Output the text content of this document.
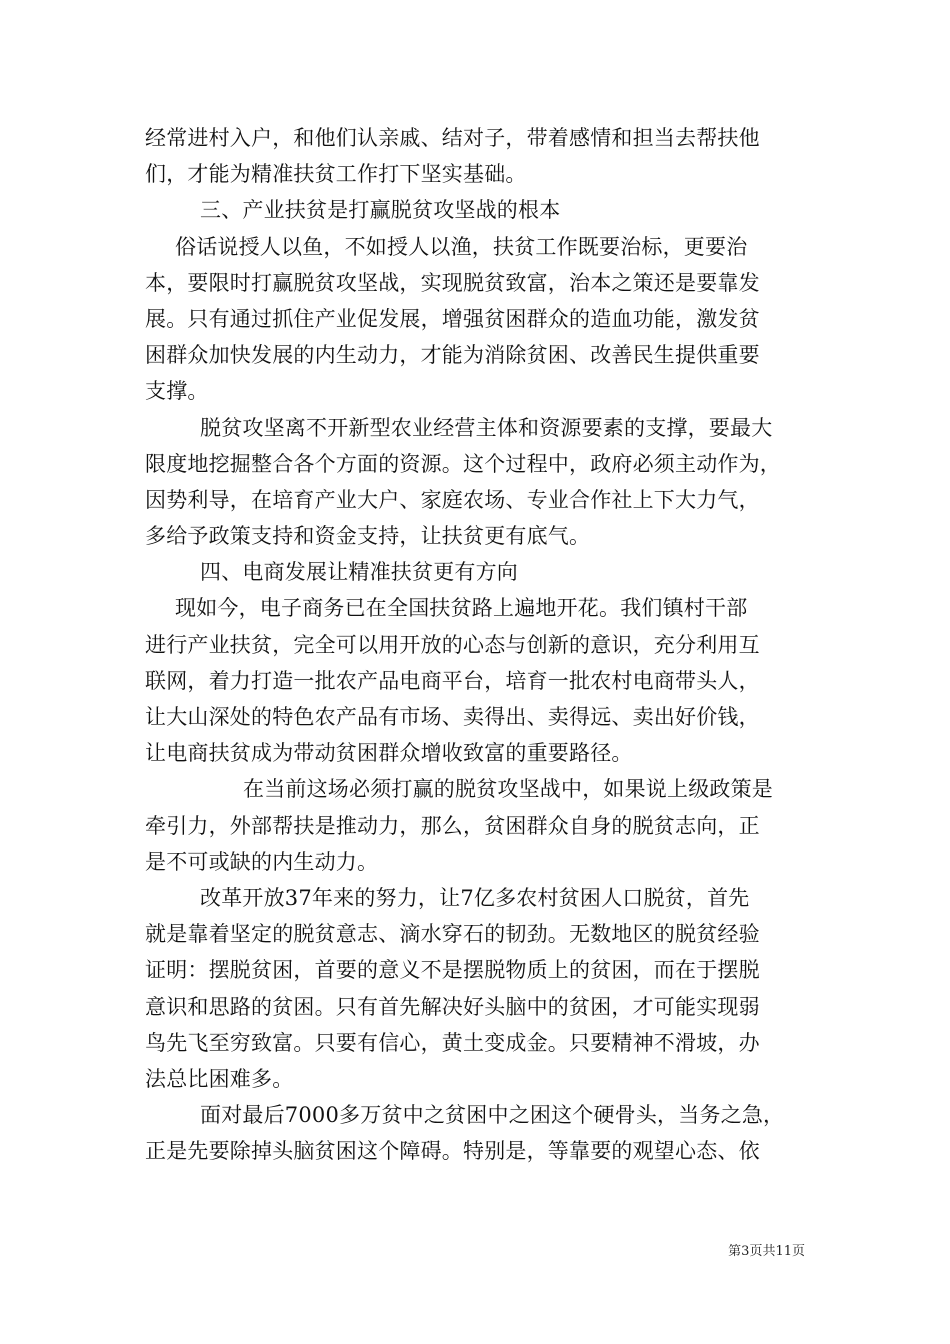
经常进村入户，和他们认亲戚、结对子，带着感情和担当去帮扶他
们，才能为精准扶贫工作打下坚实基础。
三、产业扶贫是打赢脱贫攻坚战的根本
俗话说授人以鱼，不如授人以渔，扶贫工作既要治标，更要治
本，要限时打赢脱贫攻坚战，实现脱贫致富，治本之策还是要靠发
展。只有通过抓住产业促发展，增强贫困群众的造血功能，激发贫
困群众加快发展的内生动力，才能为消除贫困、改善民生提供重要
支撑。
脱贫攻坚离不开新型农业经营主体和资源要素的支撑，要最大
限度地挖掘整合各个方面的资源。这个过程中，政府必须主动作为，
因势利导，在培育产业大户、家庭农场、专业合作社上下大力气，
多给予政策支持和资金支持，让扶贫更有底气。
四、电商发展让精准扶贫更有方向
现如今，电子商务已在全国扶贫路上遍地开花。我们镇村干部
进行产业扶贫，完全可以用开放的心态与创新的意识，充分利用互
联网，着力打造一批农产品电商平台，培育一批农村电商带头人，
让大山深处的特色农产品有市场、卖得出、卖得远、卖出好价钱，
让电商扶贫成为带动贫困群众增收致富的重要路径。
在当前这场必须打赢的脱贫攻坚战中，如果说上级政策是
牵引力，外部帮扶是推动力，那么，贫困群众自身的脱贫志向，正
是不可或缺的内生动力。
改革开放37年来的努力，让7亿多农村贫困人口脱贫，首先
就是靠着坚定的脱贫意志、滴水穿石的韧劲。无数地区的脱贫经验
证明：摆脱贫困，首要的意义不是摆脱物质上的贫困，而在于摆脱
意识和思路的贫困。只有首先解决好头脑中的贫困，才可能实现弱
鸟先飞至穷致富。只要有信心，黄土变成金。只要精神不滑坡，办
法总比困难多。
面对最后7000多万贫中之贫困中之困这个硬骨头，当务之急，
正是先要除掉头脑贫困这个障碍。特别是，等靠要的观望心态、依
第3页共11页
